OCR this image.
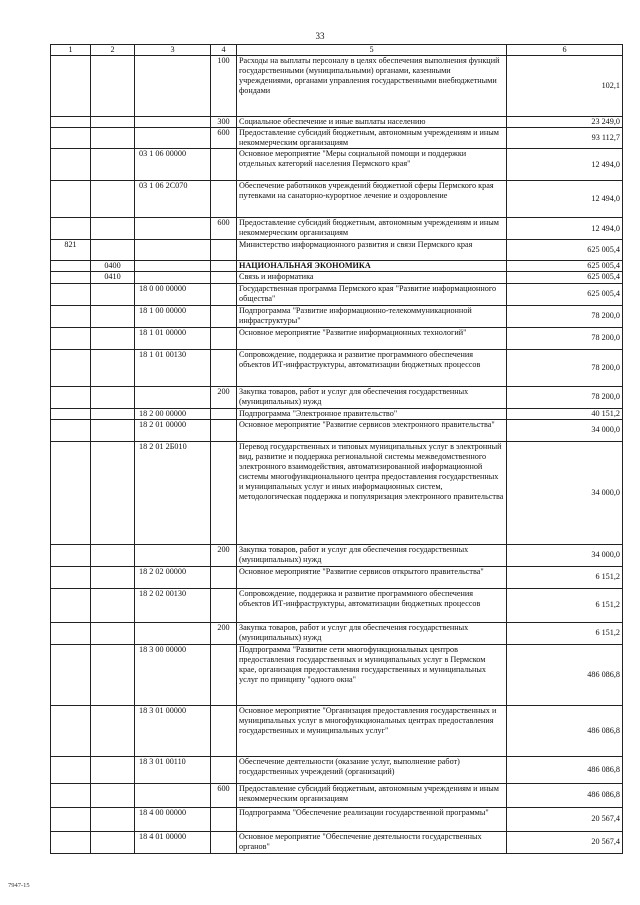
33
1	2	3	4	5	6
			100	Расходы на выплаты персоналу в целях обеспечения выполнения функций государственными (муниципальными) органами, казенными учреждениями, органами управления государственными внебюджетными фондами	102,1
			300	Социальное обеспечение и иные выплаты населению	23 249,0
			600	Предоставление субсидий бюджетным, автономным учреждениям и иным некоммерческим организациям	93 112,7
		03 1 06 00000		Основное мероприятие "Меры социальной помощи и поддержки отдельных категорий населения Пермского края"	12 494,0
		03 1 06 2С070		Обеспечение работников учреждений бюджетной сферы Пермского края путевками на санаторно-курортное лечение и оздоровление	12 494,0
			600	Предоставление субсидий бюджетным, автономным учреждениям и иным некоммерческим организациям	12 494,0
821				Министерство информационного развития и связи Пермского края	625 005,4
	0400			НАЦИОНАЛЬНАЯ ЭКОНОМИКА	625 005,4
	0410			Связь и информатика	625 005,4
		18 0 00 00000		Государственная программа Пермского края "Развитие информационного общества"	625 005,4
		18 1 00 00000		Подпрограмма "Развитие информационно-телекоммуникационной инфраструктуры"	78 200,0
		18 1 01 00000		Основное мероприятие "Развитие информационных технологий"	78 200,0
		18 1 01 00130		Сопровождение, поддержка и развитие программного обеспечения объектов ИТ-инфраструктуры, автоматизации бюджетных процессов	78 200,0
			200	Закупка товаров, работ и услуг для обеспечения государственных (муниципальных) нужд	78 200,0
		18 2 00 00000		Подпрограмма "Электронное правительство"	40 151,2
		18 2 01 00000		Основное мероприятие "Развитие сервисов электронного правительства"	34 000,0
		18 2 01 2Б010		Перевод государственных и типовых муниципальных услуг в электронный вид, развитие и поддержка региональной системы межведомственного электронного взаимодействия, автоматизированной информационной системы многофункционального центра предоставления государственных и муниципальных услуг и иных информационных систем, методологическая поддержка и популяризация электронного правительства	34 000,0
			200	Закупка товаров, работ и услуг для обеспечения государственных (муниципальных) нужд	34 000,0
		18 2 02 00000		Основное мероприятие "Развитие сервисов открытого правительства"	6 151,2
		18 2 02 00130		Сопровождение, поддержка и развитие программного обеспечения объектов ИТ-инфраструктуры, автоматизации бюджетных процессов	6 151,2
			200	Закупка товаров, работ и услуг для обеспечения государственных (муниципальных) нужд	6 151,2
		18 3 00 00000		Подпрограмма "Развитие сети многофункциональных центров предоставления государственных и муниципальных услуг в Пермском крае, организация предоставления государственных и муниципальных услуг по принципу "одного окна"	486 086,8
		18 3 01 00000		Основное мероприятие "Организация предоставления государственных и муниципальных услуг в многофункциональных центрах предоставления государственных и муниципальных услуг"	486 086,8
		18 3 01 00110		Обеспечение деятельности (оказание услуг, выполнение работ) государственных учреждений (организаций)	486 086,8
			600	Предоставление субсидий бюджетным, автономным учреждениям и иным некоммерческим организациям	486 086,8
		18 4 00 00000		Подпрограмма "Обеспечение реализации государственной программы"	20 567,4
		18 4 01 00000		Основное мероприятие "Обеспечение деятельности государственных органов"	20 567,4
7947-15
